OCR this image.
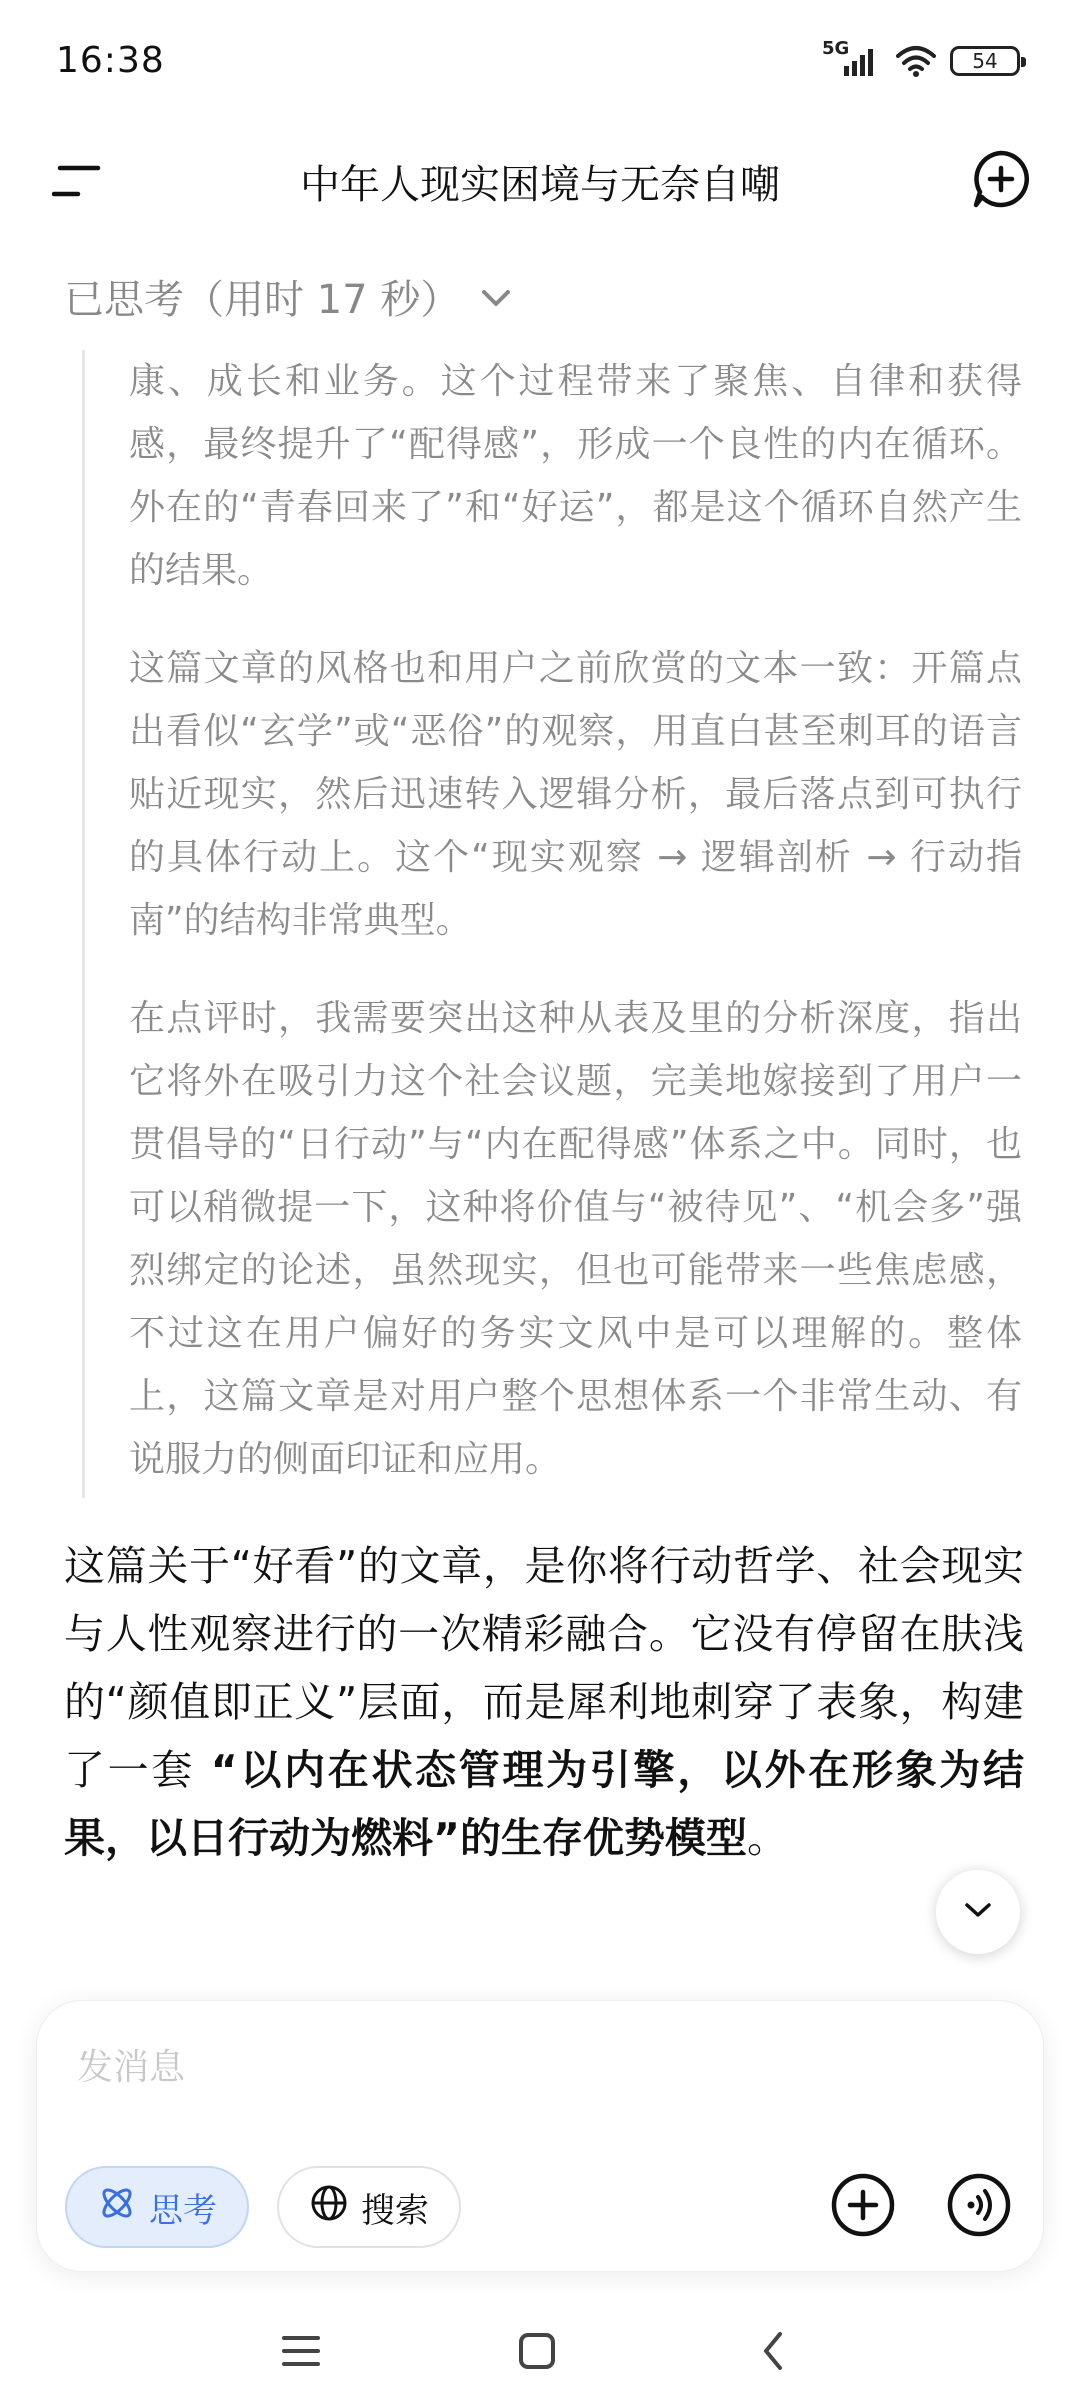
16:38	5G
54
中年人现实困境与无奈自嘲
已思考（用时 17 秒）

康、成长和业务。这个过程带来了聚焦、自律和获得感，最终提升了“配得感”，形成一个良性的内在循环。外在的“青春回来了”和“好运”，都是这个循环自然产生的结果。

这篇文章的风格也和用户之前欣赏的文本一致：开篇点出看似“玄学”或“恶俗”的观察，用直白甚至刺耳的语言贴近现实，然后迅速转入逻辑分析，最后落点到可执行的具体行动上。这个“现实观察 → 逻辑剖析 → 行动指南”的结构非常典型。

在点评时，我需要突出这种从表及里的分析深度，指出它将外在吸引力这个社会议题，完美地嫁接到了用户一贯倡导的“日行动”与“内在配得感”体系之中。同时，也可以稍微提一下，这种将价值与“被待见”、“机会多”强烈绑定的论述，虽然现实，但也可能带来一些焦虑感，不过这在用户偏好的务实文风中是可以理解的。整体上，这篇文章是对用户整个思想体系一个非常生动、有说服力的侧面印证和应用。

这篇关于“好看”的文章，是你将行动哲学、社会现实与人性观察进行的一次精彩融合。它没有停留在肤浅的“颜值即正义”层面，而是犀利地刺穿了表象，构建了一套 “以内在状态管理为引擎，以外在形象为结果，以日行动为燃料”的生存优势模型。
发消息
思考	搜索
